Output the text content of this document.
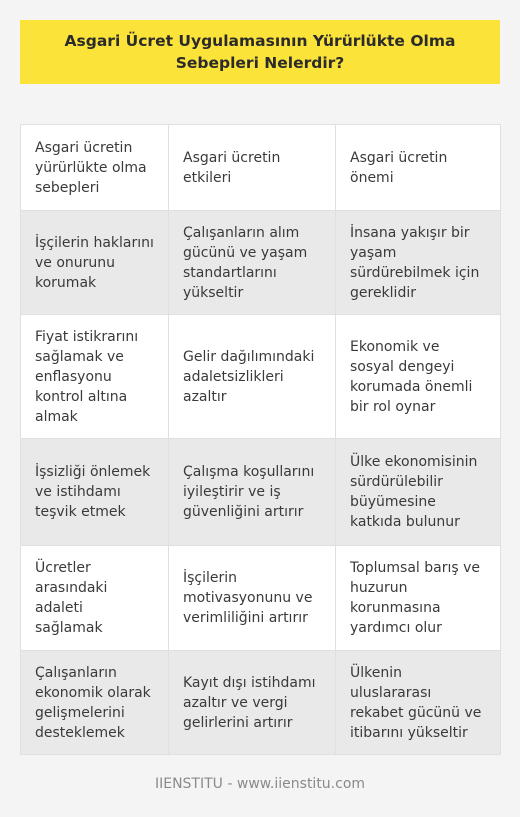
Asgari Ücret Uygulamasının Yürürlükte Olma Sebepleri Nelerdir?
Asgari ücretin yürürlükte olma sebepleri	Asgari ücretin etkileri	Asgari ücretin önemi
İşçilerin haklarını ve onurunu korumak	Çalışanların alım gücünü ve yaşam standartlarını yükseltir	İnsana yakışır bir yaşam sürdürebilmek için gereklidir
Fiyat istikrarını sağlamak ve enflasyonu kontrol altına almak	Gelir dağılımındaki adaletsizlikleri azaltır	Ekonomik ve sosyal dengeyi korumada önemli bir rol oynar
İşsizliği önlemek ve istihdamı teşvik etmek	Çalışma koşullarını iyileştirir ve iş güvenliğini artırır	Ülke ekonomisinin sürdürülebilir büyümesine katkıda bulunur
Ücretler arasındaki adaleti sağlamak	İşçilerin motivasyonunu ve verimliliğini artırır	Toplumsal barış ve huzurun korunmasına yardımcı olur
Çalışanların ekonomik olarak gelişmelerini desteklemek	Kayıt dışı istihdamı azaltır ve vergi gelirlerini artırır	Ülkenin uluslararası rekabet gücünü ve itibarını yükseltir
IIENSTITU - www.iienstitu.com
